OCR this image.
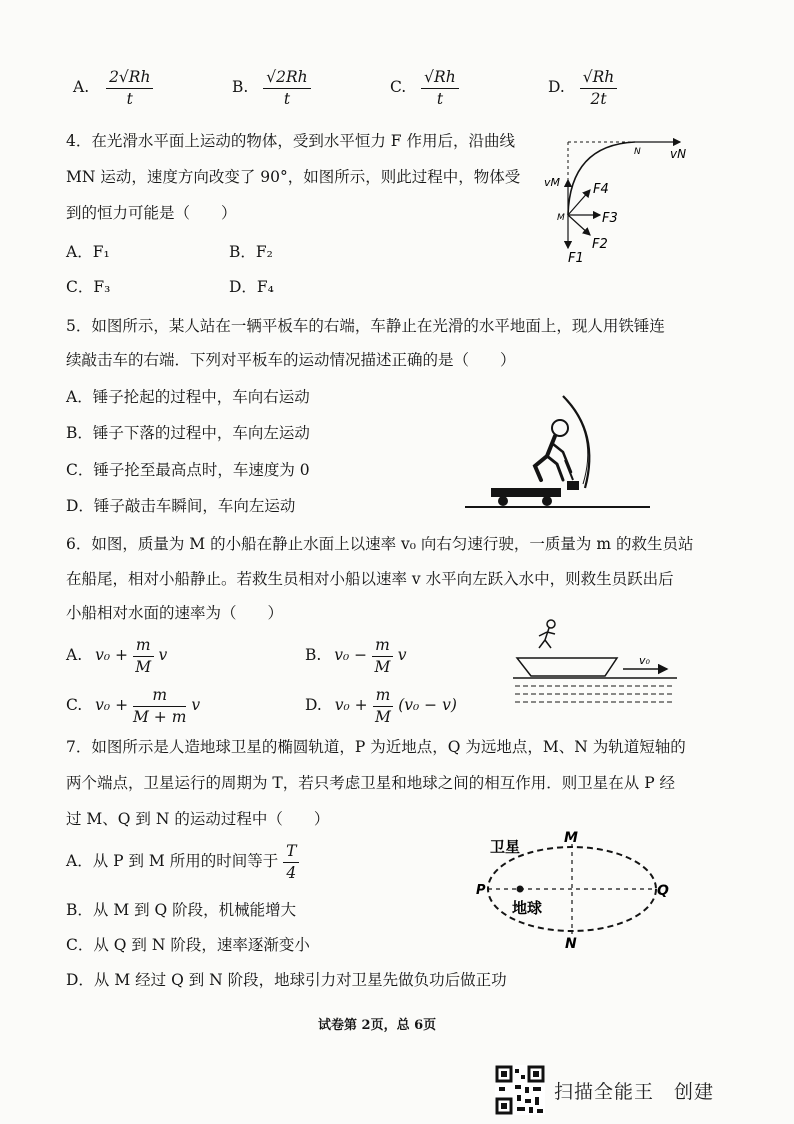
A. $\frac{2√Rh}{t}$	B. $\frac{√2Rh}{t}$	C. $\frac{√Rh}{t}$	D. $\frac{√Rh}{2t}$
4．在光滑水平面上运动的物体，受到水平恒力 F 作用后，沿曲线
MN 运动，速度方向改变了 90°，如图所示，则此过程中，物体受
到的恒力可能是（　　）
A．F₁	B．F₂
C．F₃	D．F₄
N vN
vM
M
F4
F3
F2
F1
5．如图所示，某人站在一辆平板车的右端，车静止在光滑的水平地面上，现人用铁锤连
续敲击车的右端．下列对平板车的运动情况描述正确的是（　　）
A．锤子抡起的过程中，车向右运动
B．锤子下落的过程中，车向左运动
C．锤子抡至最高点时，车速度为 0
D．锤子敲击车瞬间，车向左运动
6．如图，质量为 M 的小船在静止水面上以速率 v₀ 向右匀速行驶，一质量为 m 的救生员站
在船尾，相对小船静止。若救生员相对小船以速率 v 水平向左跃入水中，则救生员跃出后
小船相对水面的速率为（　　）
A. $v_0 + \frac{m}{M}$ v	B. $v_0 - \frac{m}{M}$ v
C. $v_0 + \frac{m}{M + m}$ v	D. $v_0 + \frac{m}{M} (v_0 - v)$
v₀
7．如图所示是人造地球卫星的椭圆轨道，P 为近地点，Q 为远地点，M、N 为轨道短轴的
两个端点，卫星运行的周期为 T，若只考虑卫星和地球之间的相互作用．则卫星在从 P 经
过 M、Q 到 N 的运动过程中（　　）
A．从 P 到 M 所用的时间等于 $\frac{T}{4}$
B．从 M 到 Q 阶段，机械能增大
C．从 Q 到 N 阶段，速率逐渐变小
D．从 M 经过 Q 到 N 阶段，地球引力对卫星先做负功后做正功
卫星	M
P	Q
地球
N
试卷第 2页，总 6页
扫描全能王　创建
